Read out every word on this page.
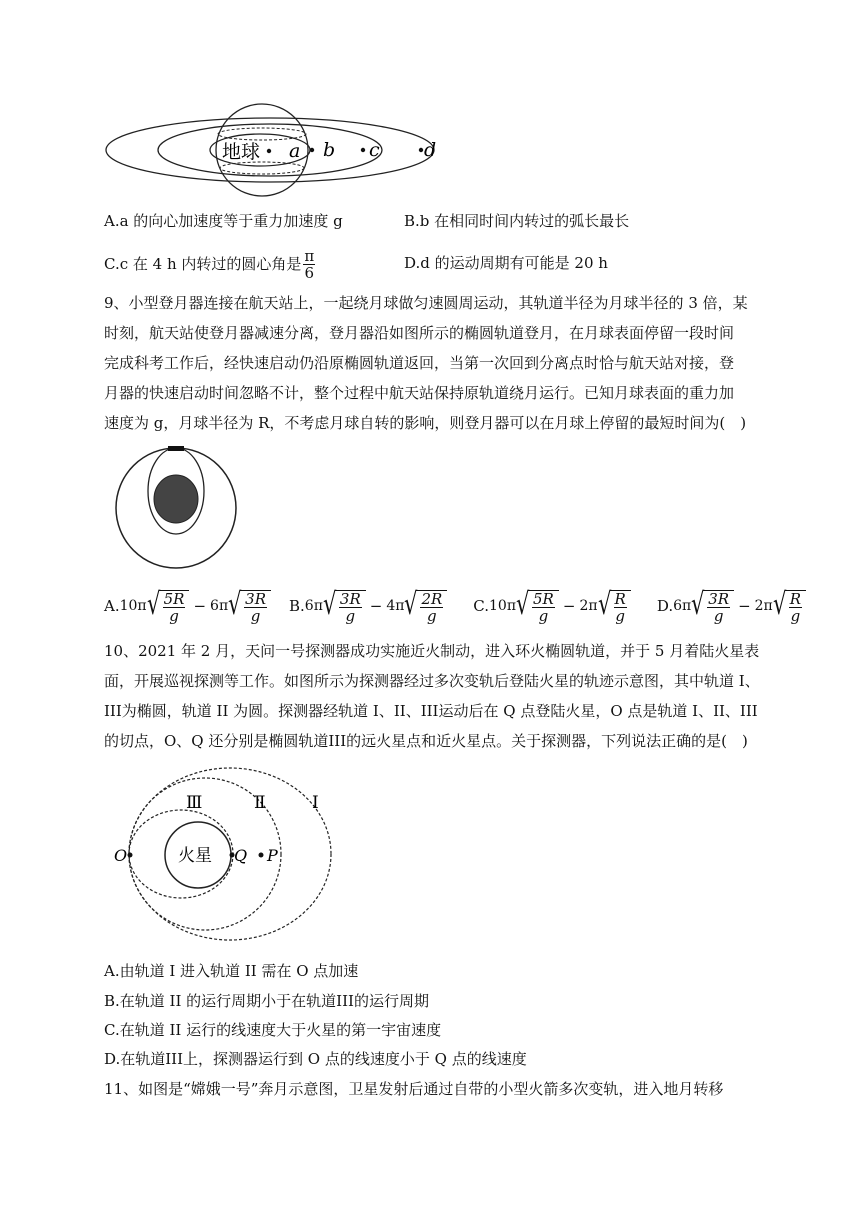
地球 a b c d
A.a 的向心加速度等于重力加速度 g	B.b 在相同时间内转过的弧长最长
C.c 在 4 h 内转过的圆心角是 $\frac{\pi}{6}$	D.d 的运动周期有可能是 20 h
9、小型登月器连接在航天站上，一起绕月球做匀速圆周运动，其轨道半径为月球半径的 3 倍，某
时刻，航天站使登月器减速分离，登月器沿如图所示的椭圆轨道登月，在月球表面停留一段时间
完成科考工作后，经快速启动仍沿原椭圆轨道返回，当第一次回到分离点时恰与航天站对接，登
月器的快速启动时间忽略不计，整个过程中航天站保持原轨道绕月运行。已知月球表面的重力加
速度为 g，月球半径为 R，不考虑月球自转的影响，则登月器可以在月球上停留的最短时间为(　)
A. 10π √ $\frac{5R}{g} - 6\pi$ √ $\frac{3R}{g} B$. 6π √ $\frac{3R}{g} - 4\pi$ √ $\frac{2R}{g} C$. 10π √ $\frac{5R}{g} - 2\pi$ √ $\frac{R}{g} D$. 6π √ $\frac{3R}{g} - 2\pi$ √ $\frac{R}{g}$
10、2021 年 2 月，天问一号探测器成功实施近火制动，进入环火椭圆轨道，并于 5 月着陆火星表
面，开展巡视探测等工作。如图所示为探测器经过多次变轨后登陆火星的轨迹示意图，其中轨道 I、
III为椭圆，轨道 II 为圆。探测器经轨道 I、II、III运动后在 Q 点登陆火星，O 点是轨道 I、II、III
的切点，O、Q 还分别是椭圆轨道III的远火星点和近火星点。关于探测器，下列说法正确的是(　)
火星
O	Q P
Ⅲ	Ⅱ	Ⅰ
A.由轨道 I 进入轨道 II 需在 O 点加速
B.在轨道 II 的运行周期小于在轨道III的运行周期
C.在轨道 II 运行的线速度大于火星的第一宇宙速度
D.在轨道III上，探测器运行到 O 点的线速度小于 Q 点的线速度
11、如图是“嫦娥一号”奔月示意图，卫星发射后通过自带的小型火箭多次变轨，进入地月转移
